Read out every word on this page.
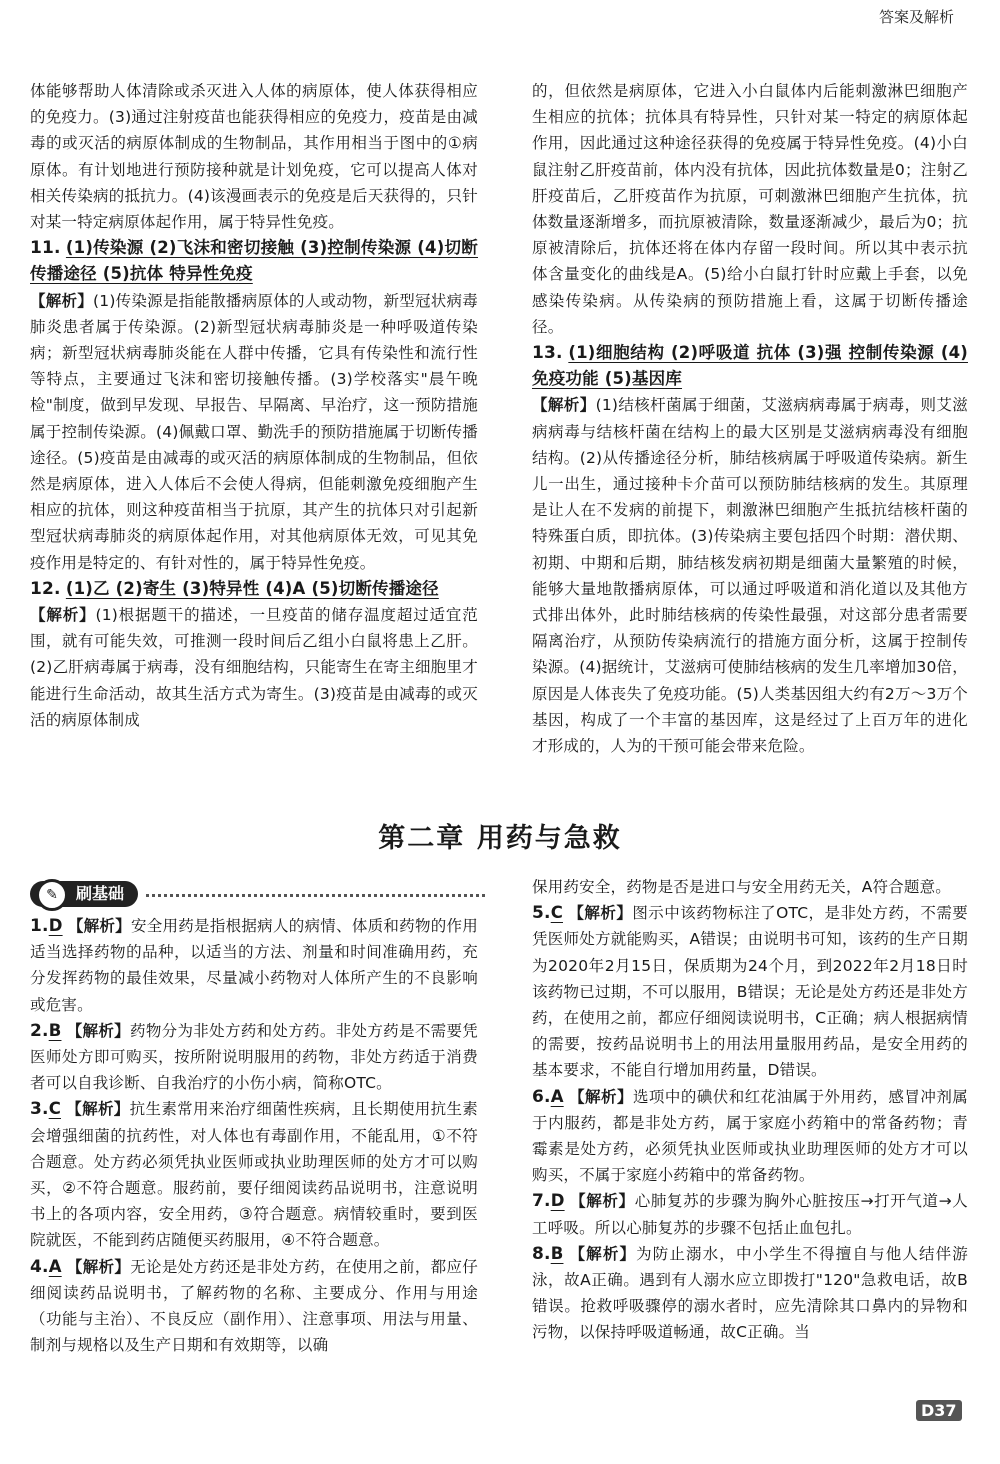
答案及解析

体能够帮助人体清除或杀灭进入人体的病原体，使人体获得相应的免疫力。(3)通过注射疫苗也能获得相应的免疫力，疫苗是由减毒的或灭活的病原体制成的生物制品，其作用相当于图中的①病原体。有计划地进行预防接种就是计划免疫，它可以提高人体对相关传染病的抵抗力。(4)该漫画表示的免疫是后天获得的，只针对某一特定病原体起作用，属于特异性免疫。

11. (1)传染源 (2)飞沫和密切接触 (3)控制传染源 (4)切断传播途径 (5)抗体 特异性免疫

【解析】(1)传染源是指能散播病原体的人或动物，新型冠状病毒肺炎患者属于传染源。(2)新型冠状病毒肺炎是一种呼吸道传染病；新型冠状病毒肺炎能在人群中传播，它具有传染性和流行性等特点，主要通过飞沫和密切接触传播。(3)学校落实"晨午晚检"制度，做到早发现、早报告、早隔离、早治疗，这一预防措施属于控制传染源。(4)佩戴口罩、勤洗手的预防措施属于切断传播途径。(5)疫苗是由减毒的或灭活的病原体制成的生物制品，但依然是病原体，进入人体后不会使人得病，但能刺激免疫细胞产生相应的抗体，则这种疫苗相当于抗原，其产生的抗体只对引起新型冠状病毒肺炎的病原体起作用，对其他病原体无效，可见其免疫作用是特定的、有针对性的，属于特异性免疫。

12. (1)乙 (2)寄生 (3)特异性 (4)A (5)切断传播途径

【解析】(1)根据题干的描述，一旦疫苗的储存温度超过适宜范围，就有可能失效，可推测一段时间后乙组小白鼠将患上乙肝。(2)乙肝病毒属于病毒，没有细胞结构，只能寄生在寄主细胞里才能进行生命活动，故其生活方式为寄生。(3)疫苗是由减毒的或灭活的病原体制成

的，但依然是病原体，它进入小白鼠体内后能刺激淋巴细胞产生相应的抗体；抗体具有特异性，只针对某一特定的病原体起作用，因此通过这种途径获得的免疫属于特异性免疫。(4)小白鼠注射乙肝疫苗前，体内没有抗体，因此抗体数量是0；注射乙肝疫苗后，乙肝疫苗作为抗原，可刺激淋巴细胞产生抗体，抗体数量逐渐增多，而抗原被清除，数量逐渐减少，最后为0；抗原被清除后，抗体还将在体内存留一段时间。所以其中表示抗体含量变化的曲线是A。(5)给小白鼠打针时应戴上手套，以免感染传染病。从传染病的预防措施上看，这属于切断传播途径。

13. (1)细胞结构 (2)呼吸道 抗体 (3)强 控制传染源 (4)免疫功能 (5)基因库

【解析】(1)结核杆菌属于细菌，艾滋病病毒属于病毒，则艾滋病病毒与结核杆菌在结构上的最大区别是艾滋病病毒没有细胞结构。(2)从传播途径分析，肺结核病属于呼吸道传染病。新生儿一出生，通过接种卡介苗可以预防肺结核病的发生。其原理是让人在不发病的前提下，刺激淋巴细胞产生抵抗结核杆菌的特殊蛋白质，即抗体。(3)传染病主要包括四个时期：潜伏期、初期、中期和后期，肺结核发病初期是细菌大量繁殖的时候，能够大量地散播病原体，可以通过呼吸道和消化道以及其他方式排出体外，此时肺结核病的传染性最强，对这部分患者需要隔离治疗，从预防传染病流行的措施方面分析，这属于控制传染源。(4)据统计，艾滋病可使肺结核病的发生几率增加30倍，原因是人体丧失了免疫功能。(5)人类基因组大约有2万～3万个基因，构成了一个丰富的基因库，这是经过了上百万年的进化才形成的，人为的干预可能会带来危险。

第二章 用药与急救
✎	刷基础

1.D 【解析】安全用药是指根据病人的病情、体质和药物的作用适当选择药物的品种，以适当的方法、剂量和时间准确用药，充分发挥药物的最佳效果，尽量减小药物对人体所产生的不良影响或危害。

2.B 【解析】药物分为非处方药和处方药。非处方药是不需要凭医师处方即可购买，按所附说明服用的药物，非处方药适于消费者可以自我诊断、自我治疗的小伤小病，简称OTC。

3.C 【解析】抗生素常用来治疗细菌性疾病，且长期使用抗生素会增强细菌的抗药性，对人体也有毒副作用，不能乱用，①不符合题意。处方药必须凭执业医师或执业助理医师的处方才可以购买，②不符合题意。服药前，要仔细阅读药品说明书，注意说明书上的各项内容，安全用药，③符合题意。病情较重时，要到医院就医，不能到药店随便买药服用，④不符合题意。

4.A 【解析】无论是处方药还是非处方药，在使用之前，都应仔细阅读药品说明书，了解药物的名称、主要成分、作用与用途（功能与主治）、不良反应（副作用）、注意事项、用法与用量、制剂与规格以及生产日期和有效期等，以确

保用药安全，药物是否是进口与安全用药无关，A符合题意。

5.C 【解析】图示中该药物标注了OTC，是非处方药，不需要凭医师处方就能购买，A错误；由说明书可知，该药的生产日期为2020年2月15日，保质期为24个月，到2022年2月18日时该药物已过期，不可以服用，B错误；无论是处方药还是非处方药，在使用之前，都应仔细阅读说明书，C正确；病人根据病情的需要，按药品说明书上的用法用量服用药品，是安全用药的基本要求，不能自行增加用药量，D错误。

6.A 【解析】选项中的碘伏和红花油属于外用药，感冒冲剂属于内服药，都是非处方药，属于家庭小药箱中的常备药物；青霉素是处方药，必须凭执业医师或执业助理医师的处方才可以购买，不属于家庭小药箱中的常备药物。

7.D 【解析】心肺复苏的步骤为胸外心脏按压→打开气道→人工呼吸。所以心肺复苏的步骤不包括止血包扎。

8.B 【解析】为防止溺水，中小学生不得擅自与他人结伴游泳，故A正确。遇到有人溺水应立即拨打"120"急救电话，故B错误。抢救呼吸骤停的溺水者时，应先清除其口鼻内的异物和污物，以保持呼吸道畅通，故C正确。当

D37
